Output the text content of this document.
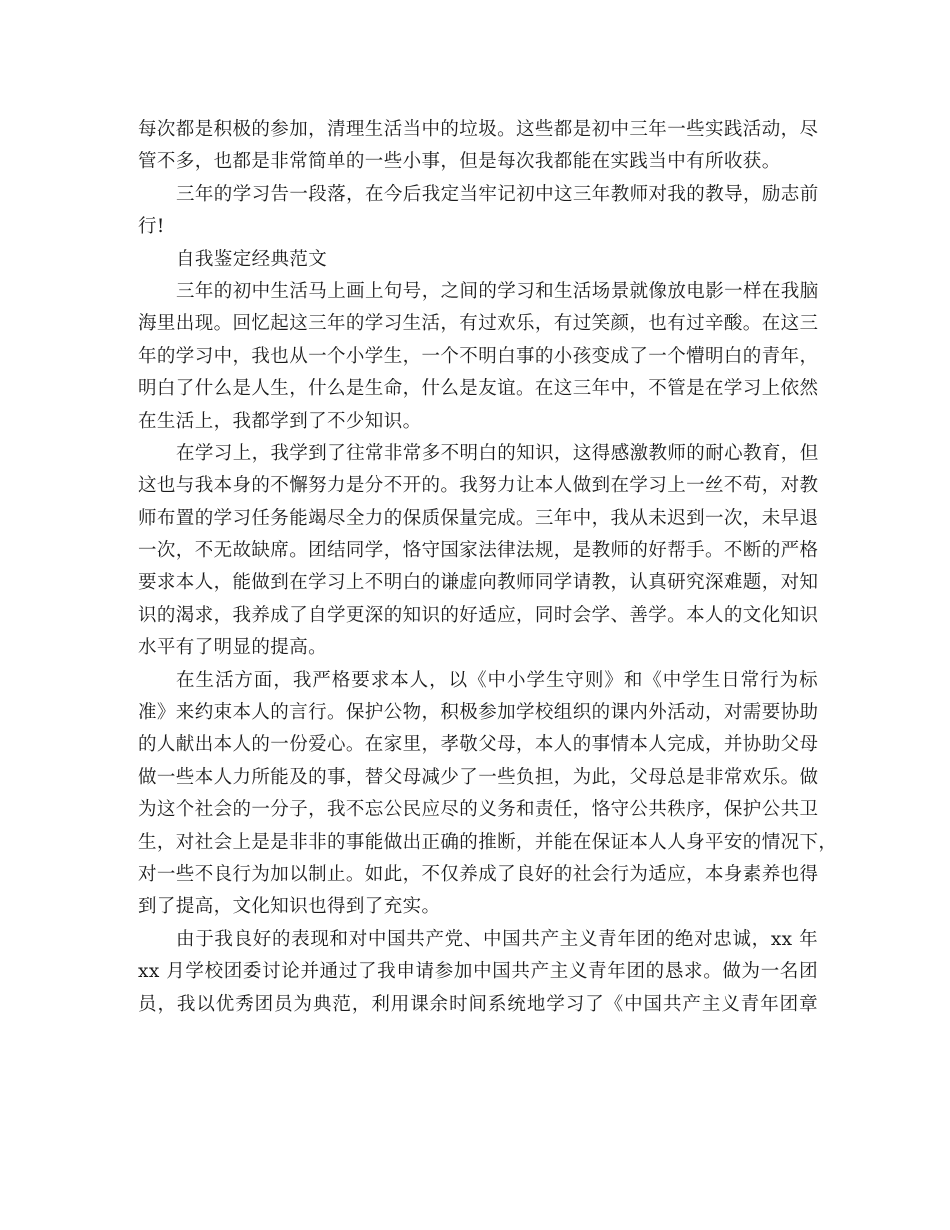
每次都是积极的参加，清理生活当中的垃圾。这些都是初中三年一些实践活动，尽
管不多，也都是非常简单的一些小事，但是每次我都能在实践当中有所收获。
三年的学习告一段落，在今后我定当牢记初中这三年教师对我的教导，励志前
行!
自我鉴定经典范文
三年的初中生活马上画上句号，之间的学习和生活场景就像放电影一样在我脑
海里出现。回忆起这三年的学习生活，有过欢乐，有过笑颜，也有过辛酸。在这三
年的学习中，我也从一个小学生，一个不明白事的小孩变成了一个懵明白的青年，
明白了什么是人生，什么是生命，什么是友谊。在这三年中，不管是在学习上依然
在生活上，我都学到了不少知识。
在学习上，我学到了往常非常多不明白的知识，这得感激教师的耐心教育，但
这也与我本身的不懈努力是分不开的。我努力让本人做到在学习上一丝不苟，对教
师布置的学习任务能竭尽全力的保质保量完成。三年中，我从未迟到一次，未早退
一次，不无故缺席。团结同学，恪守国家法律法规，是教师的好帮手。不断的严格
要求本人，能做到在学习上不明白的谦虚向教师同学请教，认真研究深难题，对知
识的渴求，我养成了自学更深的知识的好适应，同时会学、善学。本人的文化知识
水平有了明显的提高。
在生活方面，我严格要求本人，以《中小学生守则》和《中学生日常行为标
准》来约束本人的言行。保护公物，积极参加学校组织的课内外活动，对需要协助
的人献出本人的一份爱心。在家里，孝敬父母，本人的事情本人完成，并协助父母
做一些本人力所能及的事，替父母减少了一些负担，为此，父母总是非常欢乐。做
为这个社会的一分子，我不忘公民应尽的义务和责任，恪守公共秩序，保护公共卫
生，对社会上是是非非的事能做出正确的推断，并能在保证本人人身平安的情况下，
对一些不良行为加以制止。如此，不仅养成了良好的社会行为适应，本身素养也得
到了提高，文化知识也得到了充实。
由于我良好的表现和对中国共产党、中国共产主义青年团的绝对忠诚，xx 年
xx 月学校团委讨论并通过了我申请参加中国共产主义青年团的恳求。做为一名团
员，我以优秀团员为典范，利用课余时间系统地学习了《中国共产主义青年团章
